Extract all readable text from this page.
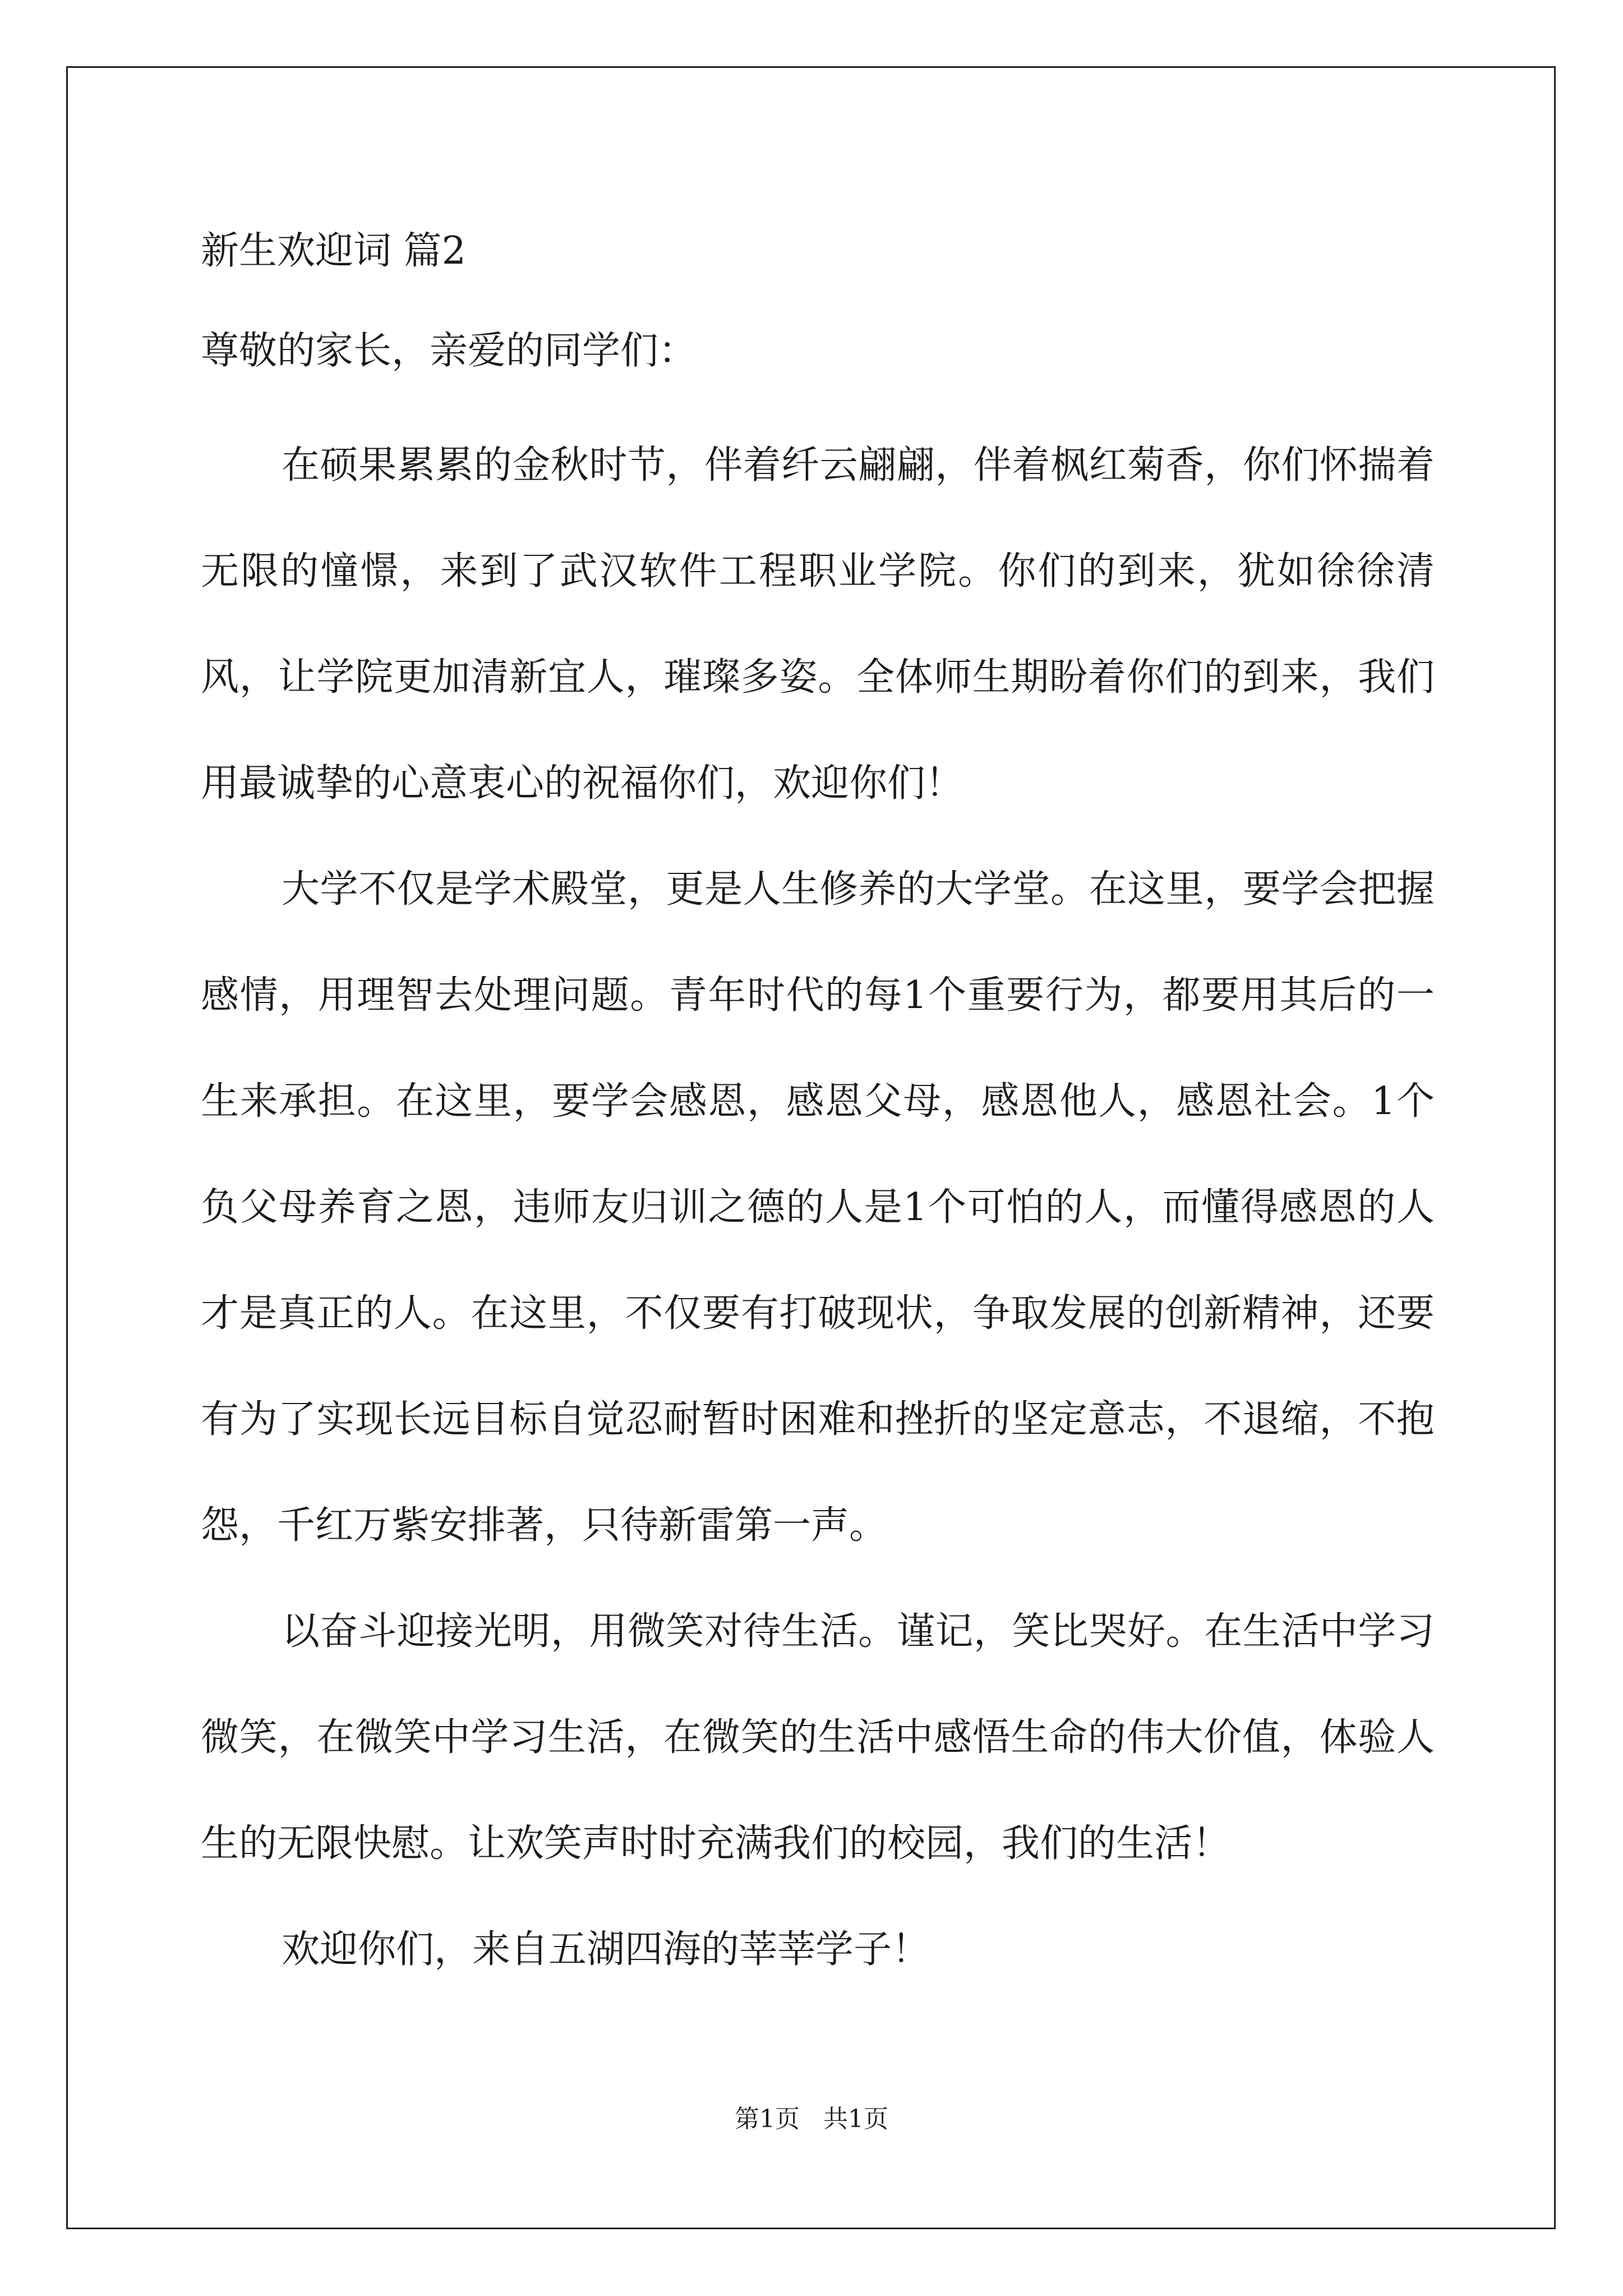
新生欢迎词 篇2

尊敬的家长，亲爱的同学们：

在硕果累累的金秋时节，伴着纤云翩翩，伴着枫红菊香，你们怀揣着无限的憧憬，来到了武汉软件工程职业学院。你们的到来，犹如徐徐清风，让学院更加清新宜人，璀璨多姿。全体师生期盼着你们的到来，我们用最诚挚的心意衷心的祝福你们，欢迎你们！

大学不仅是学术殿堂，更是人生修养的大学堂。在这里，要学会把握感情，用理智去处理问题。青年时代的每1个重要行为，都要用其后的一生来承担。在这里，要学会感恩，感恩父母，感恩他人，感恩社会。1个负父母养育之恩，违师友归训之德的人是1个可怕的人，而懂得感恩的人才是真正的人。在这里，不仅要有打破现状，争取发展的创新精神，还要有为了实现长远目标自觉忍耐暂时困难和挫折的坚定意志，不退缩，不抱怨，千红万紫安排著，只待新雷第一声。

以奋斗迎接光明，用微笑对待生活。谨记，笑比哭好。在生活中学习微笑，在微笑中学习生活，在微笑的生活中感悟生命的伟大价值，体验人生的无限快慰。让欢笑声时时充满我们的校园，我们的生活！

欢迎你们，来自五湖四海的莘莘学子！

第1页   共1页
